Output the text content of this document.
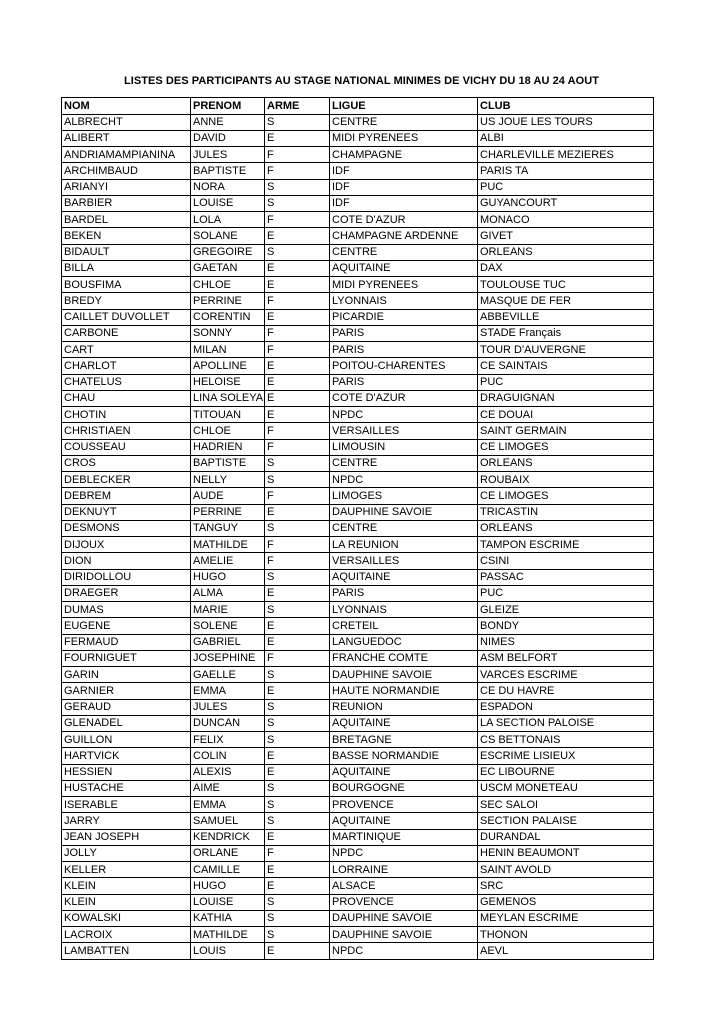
LISTES DES PARTICIPANTS AU STAGE NATIONAL MINIMES DE VICHY DU 18 AU 24 AOUT
NOM	PRENOM	ARME	LIGUE	CLUB
ALBRECHT	ANNE	S	CENTRE	US JOUE LES TOURS
ALIBERT	DAVID	E	MIDI PYRENEES	ALBI
ANDRIAMAMPIANINA	JULES	F	CHAMPAGNE	CHARLEVILLE MEZIERES
ARCHIMBAUD	BAPTISTE	F	IDF	PARIS TA
ARIANYI	NORA	S	IDF	PUC
BARBIER	LOUISE	S	IDF	GUYANCOURT
BARDEL	LOLA	F	COTE D'AZUR	MONACO
BEKEN	SOLANE	E	CHAMPAGNE ARDENNE	GIVET
BIDAULT	GREGOIRE	S	CENTRE	ORLEANS
BILLA	GAETAN	E	AQUITAINE	DAX
BOUSFIMA	CHLOE	E	MIDI PYRENEES	TOULOUSE TUC
BREDY	PERRINE	F	LYONNAIS	MASQUE DE FER
CAILLET DUVOLLET	CORENTIN	E	PICARDIE	ABBEVILLE
CARBONE	SONNY	F	PARIS	STADE Français
CART	MILAN	F	PARIS	TOUR D'AUVERGNE
CHARLOT	APOLLINE	E	POITOU-CHARENTES	CE SAINTAIS
CHATELUS	HELOISE	E	PARIS	PUC
CHAU	LINA SOLEYA	E	COTE D'AZUR	DRAGUIGNAN
CHOTIN	TITOUAN	E	NPDC	CE DOUAI
CHRISTIAEN	CHLOE	F	VERSAILLES	SAINT GERMAIN
COUSSEAU	HADRIEN	F	LIMOUSIN	CE LIMOGES
CROS	BAPTISTE	S	CENTRE	ORLEANS
DEBLECKER	NELLY	S	NPDC	ROUBAIX
DEBREM	AUDE	F	LIMOGES	CE LIMOGES
DEKNUYT	PERRINE	E	DAUPHINE SAVOIE	TRICASTIN
DESMONS	TANGUY	S	CENTRE	ORLEANS
DIJOUX	MATHILDE	F	LA REUNION	TAMPON ESCRIME
DION	AMELIE	F	VERSAILLES	CSINI
DIRIDOLLOU	HUGO	S	AQUITAINE	PASSAC
DRAEGER	ALMA	E	PARIS	PUC
DUMAS	MARIE	S	LYONNAIS	GLEIZE
EUGENE	SOLENE	E	CRETEIL	BONDY
FERMAUD	GABRIEL	E	LANGUEDOC	NIMES
FOURNIGUET	JOSEPHINE	F	FRANCHE COMTE	ASM BELFORT
GARIN	GAELLE	S	DAUPHINE SAVOIE	VARCES ESCRIME
GARNIER	EMMA	E	HAUTE NORMANDIE	CE DU HAVRE
GERAUD	JULES	S	REUNION	ESPADON
GLENADEL	DUNCAN	S	AQUITAINE	LA SECTION PALOISE
GUILLON	FELIX	S	BRETAGNE	CS BETTONAIS
HARTVICK	COLIN	E	BASSE NORMANDIE	ESCRIME LISIEUX
HESSIEN	ALEXIS	E	AQUITAINE	EC LIBOURNE
HUSTACHE	AIME	S	BOURGOGNE	USCM MONETEAU
ISERABLE	EMMA	S	PROVENCE	SEC SALOI
JARRY	SAMUEL	S	AQUITAINE	SECTION PALAISE
JEAN JOSEPH	KENDRICK	E	MARTINIQUE	DURANDAL
JOLLY	ORLANE	F	NPDC	HENIN BEAUMONT
KELLER	CAMILLE	E	LORRAINE	SAINT AVOLD
KLEIN	HUGO	E	ALSACE	SRC
KLEIN	LOUISE	S	PROVENCE	GEMENOS
KOWALSKI	KATHIA	S	DAUPHINE SAVOIE	MEYLAN ESCRIME
LACROIX	MATHILDE	S	DAUPHINE SAVOIE	THONON
LAMBATTEN	LOUIS	E	NPDC	AEVL
